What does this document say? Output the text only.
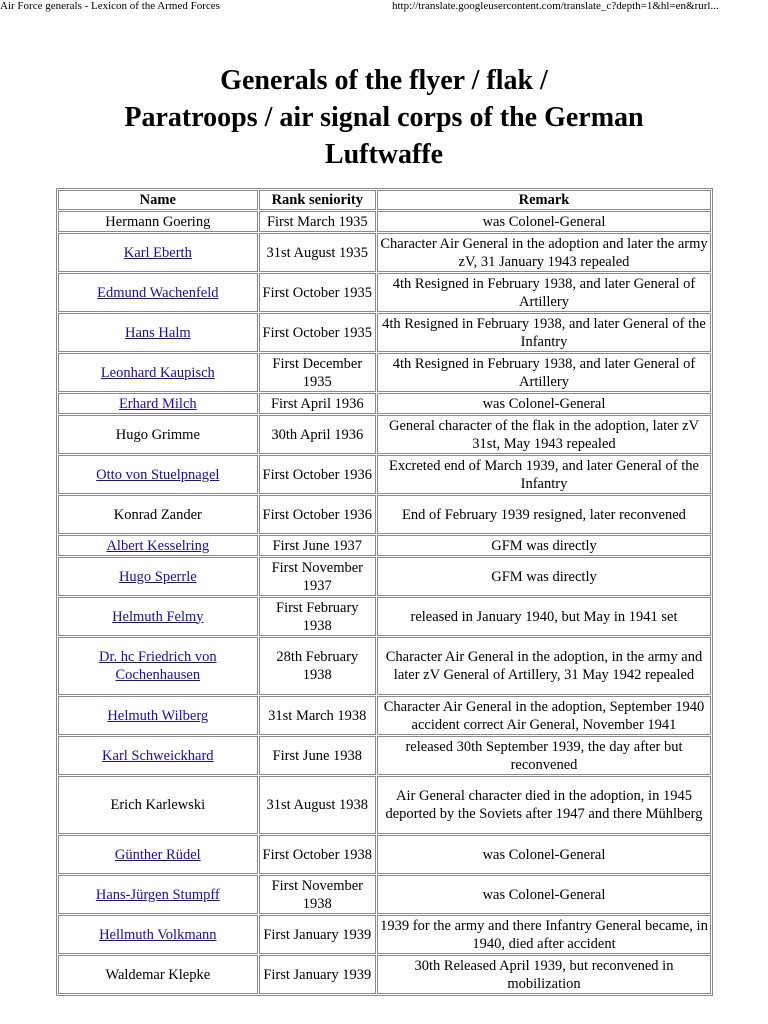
Air Force generals - Lexicon of the Armed Forces	http://translate.googleusercontent.com/translate_c?depth=1&hl=en&rurl...
Generals of the flyer / flak /
Paratroops / air signal corps of the German
Luftwaffe
Name	Rank seniority	Remark
Hermann Goering	First March 1935	was Colonel-General
Karl Eberth	31st August 1935	Character Air General in the adoption and later the army zV, 31 January 1943 repealed
Edmund Wachenfeld	First October 1935	4th Resigned in February 1938, and later General of Artillery
Hans Halm	First October 1935	4th Resigned in February 1938, and later General of the Infantry
Leonhard Kaupisch	First December 1935	4th Resigned in February 1938, and later General of Artillery
Erhard Milch	First April 1936	was Colonel-General
Hugo Grimme	30th April 1936	General character of the flak in the adoption, later zV 31st, May 1943 repealed
Otto von Stuelpnagel	First October 1936	Excreted end of March 1939, and later General of the Infantry
Konrad Zander	First October 1936	End of February 1939 resigned, later reconvened
Albert Kesselring	First June 1937	GFM was directly
Hugo Sperrle	First November 1937	GFM was directly
Helmuth Felmy	First February 1938	released in January 1940, but May in 1941 set
Dr. hc Friedrich von Cochenhausen	28th February 1938	Character Air General in the adoption, in the army and later zV General of Artillery, 31 May 1942 repealed
Helmuth Wilberg	31st March 1938	Character Air General in the adoption, September 1940 accident correct Air General, November 1941
Karl Schweickhard	First June 1938	released 30th September 1939, the day after but reconvened
Erich Karlewski	31st August 1938	Air General character died in the adoption, in 1945 deported by the Soviets after 1947 and there Mühlberg
Günther Rüdel	First October 1938	was Colonel-General
Hans-Jürgen Stumpff	First November 1938	was Colonel-General
Hellmuth Volkmann	First January 1939	1939 for the army and there Infantry General became, in 1940, died after accident
Waldemar Klepke	First January 1939	30th Released April 1939, but reconvened in mobilization
